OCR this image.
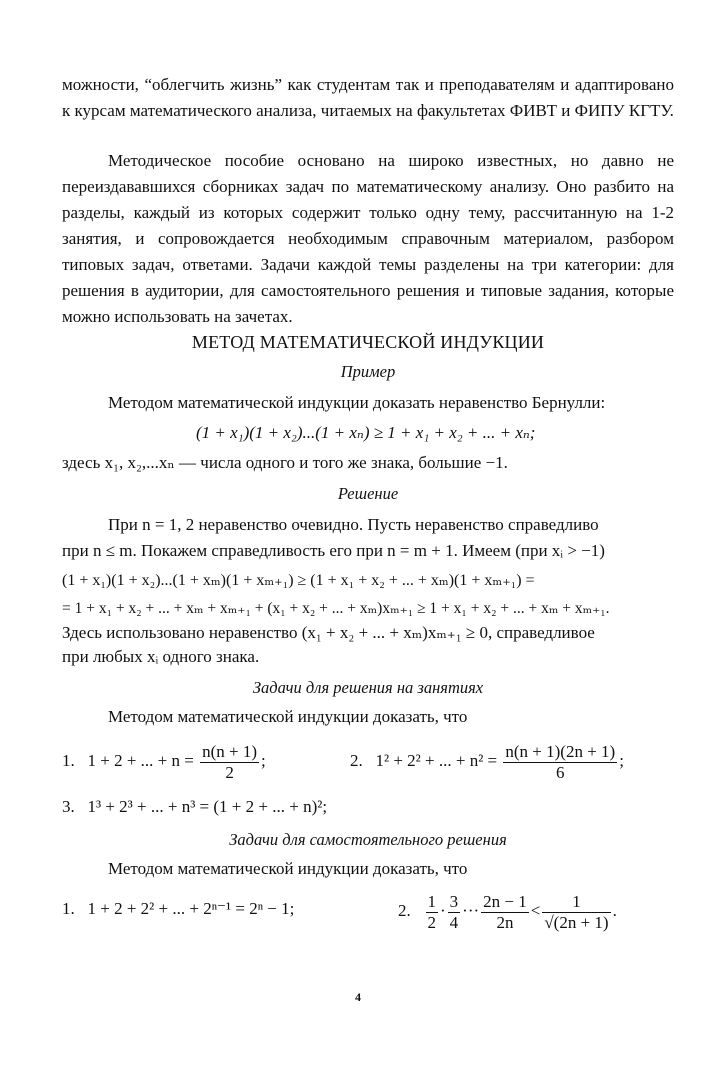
можности, “облегчить жизнь” как студентам так и преподавателям и адаптировано к курсам математического анализа, читаемых на факультетах ФИВТ и ФИПУ КГТУ.
Методическое пособие основано на широко известных, но давно не переиздававшихся сборниках задач по математическому анализу. Оно разбито на разделы, каждый из которых содержит только одну тему, рассчитанную на 1-2 занятия, и сопровождается необходимым справочным материалом, разбором типовых задач, ответами. Задачи каждой темы разделены на три категории: для решения в аудитории, для самостоятельного решения и типовые задания, которые можно использовать на зачетах.
МЕТОД МАТЕМАТИЧЕСКОЙ ИНДУКЦИИ
Пример
Методом математической индукции доказать неравенство Бернулли:
(1 + x₁)(1 + x₂)...(1 + xₙ) ≥ 1 + x₁ + x₂ + ... + xₙ;
здесь x₁, x₂,...xₙ — числа одного и того же знака, большие −1.
Решение
При n = 1, 2 неравенство очевидно. Пусть неравенство справедливо
при n ≤ m. Покажем справедливость его при n = m + 1. Имеем (при xᵢ > −1)
(1 + x₁)(1 + x₂)...(1 + xₘ)(1 + xₘ₊₁) ≥ (1 + x₁ + x₂ + ... + xₘ)(1 + xₘ₊₁) =
= 1 + x₁ + x₂ + ... + xₘ + xₘ₊₁ + (x₁ + x₂ + ... + xₘ)xₘ₊₁ ≥ 1 + x₁ + x₂ + ... + xₘ + xₘ₊₁.
Здесь использовано неравенство (x₁ + x₂ + ... + xₘ)xₘ₊₁ ≥ 0, справедливое
при любых xᵢ одного знака.
Задачи для решения на занятиях
Методом математической индукции доказать, что
1. 1 + 2 + ... + $n = \frac{n(n + 1)}{2}$ ;	2. 1² + 2² + ... + $n^2 = \frac{n(n + 1)(2n + 1)}{6}$ ;
3. 1³ + 2³ + ... + n³ = (1 + 2 + ... + n)²;
Задачи для самостоятельного решения
Методом математической индукции доказать, что
1. 1 + 2 + 2² + ... + 2ⁿ⁻¹ = 2ⁿ − 1;	2. $\frac{1}{2} \cdot \frac{3}{4}$ ··· $\frac{2n - 1}{2n} < \frac{1}{√(2n + 1)}$ .
4
